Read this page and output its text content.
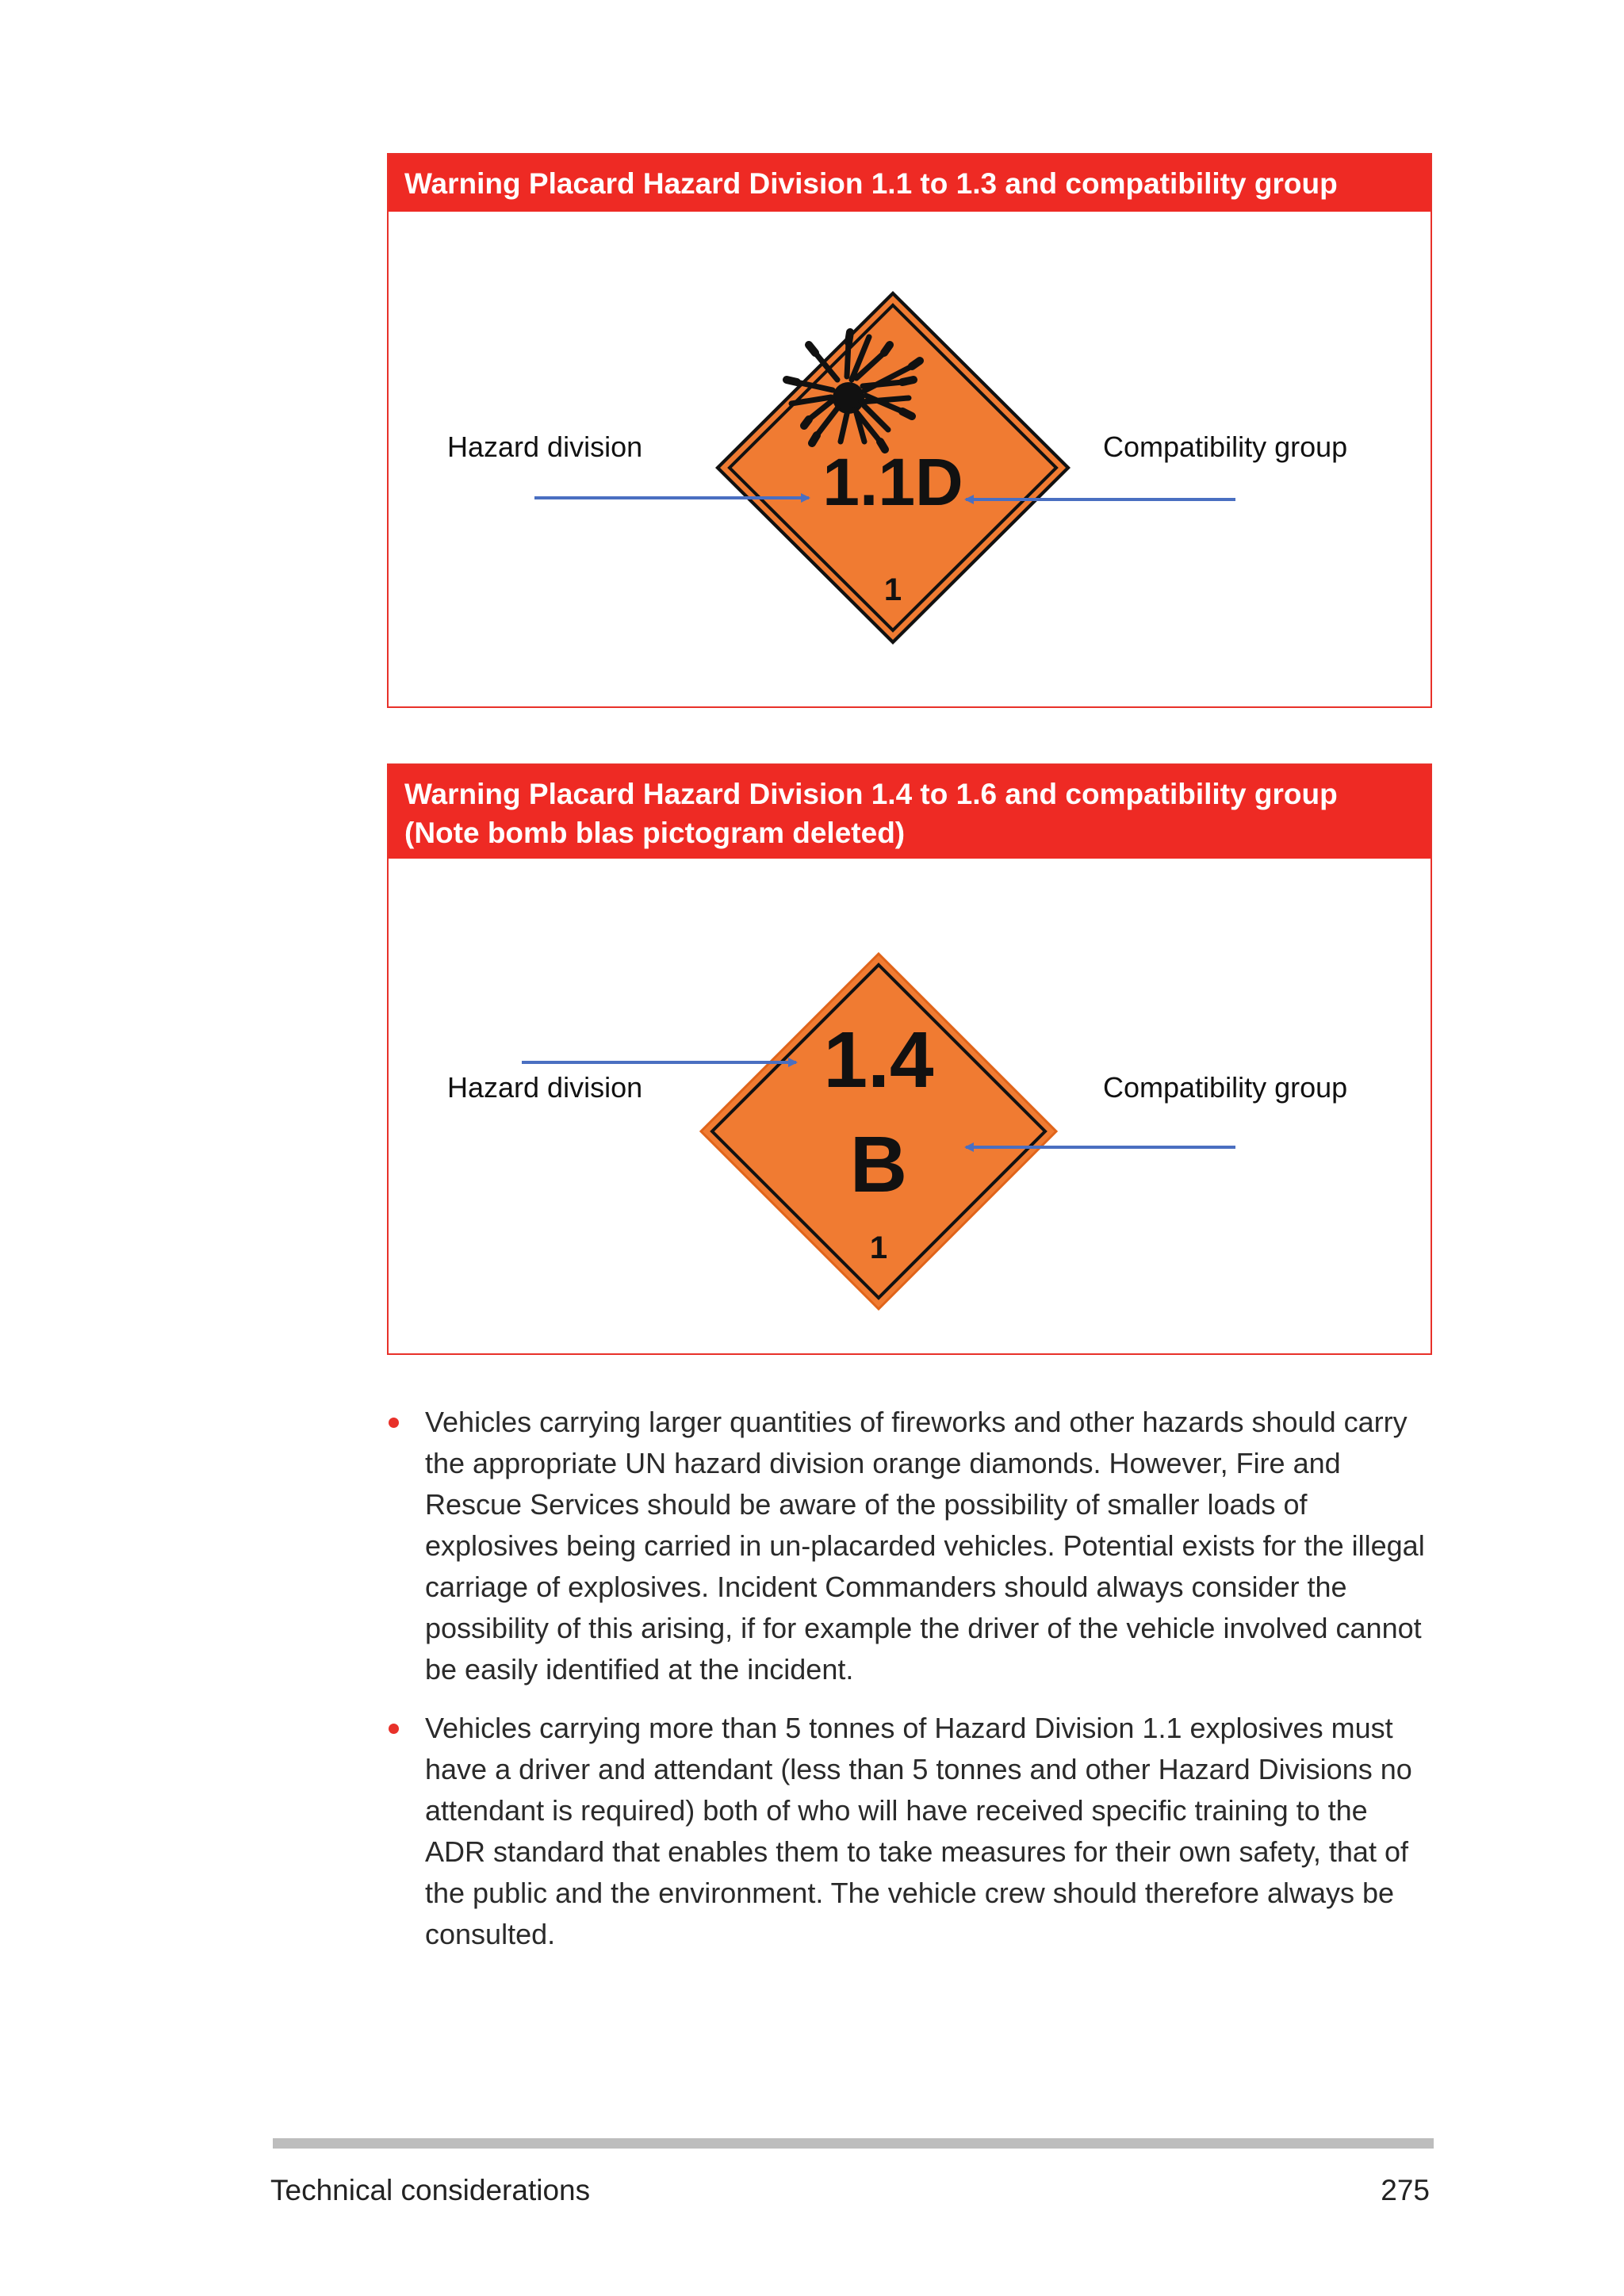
Warning Placard Hazard Division 1.1 to 1.3 and compatibility group
1.1D
1
Hazard division	Compatibility group
Warning Placard Hazard Division 1.4 to 1.6 and compatibility group
(Note bomb blas pictogram deleted)
1.4
B
1
Hazard division	Compatibility group
Vehicles carrying larger quantities of fireworks and other hazards should carry the appropriate UN hazard division orange diamonds. However, Fire and Rescue Services should be aware of the possibility of smaller loads of explosives being carried in un-placarded vehicles. Potential exists for the illegal carriage of explosives. Incident Commanders should always consider the possibility of this arising, if for example the driver of the vehicle involved cannot be easily identified at the incident.
Vehicles carrying more than 5 tonnes of Hazard Division 1.1 explosives must have a driver and attendant (less than 5 tonnes and other Hazard Divisions no attendant is required) both of who will have received specific training to the ADR standard that enables them to take measures for their own safety, that of the public and the environment. The vehicle crew should therefore always be consulted.
Technical considerations	275
